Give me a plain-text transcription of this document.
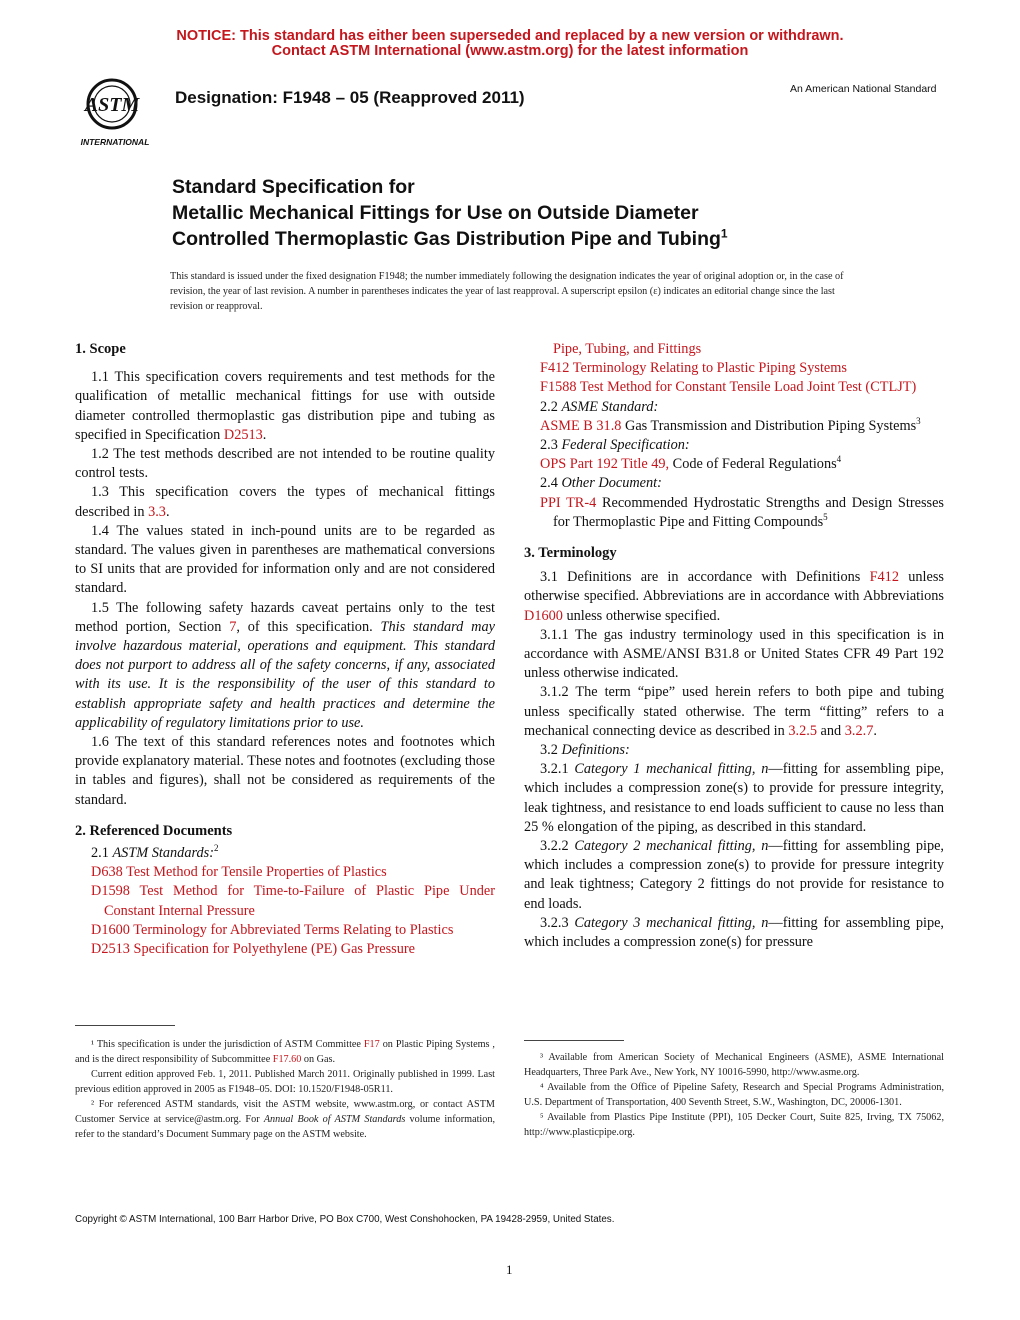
NOTICE: This standard has either been superseded and replaced by a new version or withdrawn.
Contact ASTM International (www.astm.org) for the latest information
ASTM
INTERNATIONAL
Designation: F1948 – 05 (Reapproved 2011)	An American National Standard
Standard Specification for
Metallic Mechanical Fittings for Use on Outside Diameter
Controlled Thermoplastic Gas Distribution Pipe and Tubing$^1$
This standard is issued under the fixed designation F1948; the number immediately following the designation indicates the year of original adoption or, in the case of revision, the year of last revision. A number in parentheses indicates the year of last reapproval. A superscript epsilon (ε) indicates an editorial change since the last revision or reapproval.
1. Scope

1.1 This specification covers requirements and test methods for the qualification of metallic mechanical fittings for use with outside diameter controlled thermoplastic gas distribution pipe and tubing as specified in Specification D2513.

1.2 The test methods described are not intended to be routine quality control tests.

1.3 This specification covers the types of mechanical fittings described in 3.3.

1.4 The values stated in inch-pound units are to be regarded as standard. The values given in parentheses are mathematical conversions to SI units that are provided for information only and are not considered standard.

1.5 The following safety hazards caveat pertains only to the test method portion, Section 7, of this specification. This standard may involve hazardous material, operations and equipment. This standard does not purport to address all of the safety concerns, if any, associated with its use. It is the responsibility of the user of this standard to establish appropriate safety and health practices and determine the applicability of regulatory limitations prior to use.

1.6 The text of this standard references notes and footnotes which provide explanatory material. These notes and footnotes (excluding those in tables and figures), shall not be considered as requirements of the standard.

2. Referenced Documents

2.1 ASTM Standards:$^2$

D638 Test Method for Tensile Properties of Plastics

D1598 Test Method for Time-to-Failure of Plastic Pipe Under Constant Internal Pressure

D1600 Terminology for Abbreviated Terms Relating to Plastics

D2513 Specification for Polyethylene (PE) Gas Pressure

¹ This specification is under the jurisdiction of ASTM Committee F17 on Plastic Piping Systems , and is the direct responsibility of Subcommittee F17.60 on Gas.

Current edition approved Feb. 1, 2011. Published March 2011. Originally published in 1999. Last previous edition approved in 2005 as F1948–05. DOI: 10.1520/F1948-05R11.

² For referenced ASTM standards, visit the ASTM website, www.astm.org, or contact ASTM Customer Service at service@astm.org. For Annual Book of ASTM Standards volume information, refer to the standard’s Document Summary page on the ASTM website.

Pipe, Tubing, and Fittings

F412 Terminology Relating to Plastic Piping Systems

F1588 Test Method for Constant Tensile Load Joint Test (CTLJT)

2.2 ASME Standard:

ASME B 31.8 Gas Transmission and Distribution Piping Systems$^3$

2.3 Federal Specification:

OPS Part 192 Title 49, Code of Federal Regulations$^4$

2.4 Other Document:

PPI TR-4 Recommended Hydrostatic Strengths and Design Stresses for Thermoplastic Pipe and Fitting Compounds$^5$

3. Terminology

3.1 Definitions are in accordance with Definitions F412 unless otherwise specified. Abbreviations are in accordance with Abbreviations D1600 unless otherwise specified.

3.1.1 The gas industry terminology used in this specification is in accordance with ASME/ANSI B31.8 or United States CFR 49 Part 192 unless otherwise indicated.

3.1.2 The term “pipe” used herein refers to both pipe and tubing unless specifically stated otherwise. The term “fitting” refers to a mechanical connecting device as described in 3.2.5 and 3.2.7.

3.2 Definitions:

3.2.1 Category 1 mechanical fitting, n—fitting for assembling pipe, which includes a compression zone(s) to provide for pressure integrity, leak tightness, and resistance to end loads sufficient to cause no less than 25 % elongation of the piping, as described in this standard.

3.2.2 Category 2 mechanical fitting, n—fitting for assembling pipe, which includes a compression zone(s) to provide for pressure integrity and leak tightness; Category 2 fittings do not provide for resistance to end loads.

3.2.3 Category 3 mechanical fitting, n—fitting for assembling pipe, which includes a compression zone(s) for pressure

³ Available from American Society of Mechanical Engineers (ASME), ASME International Headquarters, Three Park Ave., New York, NY 10016-5990, http://www.asme.org.

⁴ Available from the Office of Pipeline Safety, Research and Special Programs Administration, U.S. Department of Transportation, 400 Seventh Street, S.W., Washington, DC, 20006-1301.

⁵ Available from Plastics Pipe Institute (PPI), 105 Decker Court, Suite 825, Irving, TX 75062, http://www.plasticpipe.org.

Copyright © ASTM International, 100 Barr Harbor Drive, PO Box C700, West Conshohocken, PA 19428-2959, United States.
1
